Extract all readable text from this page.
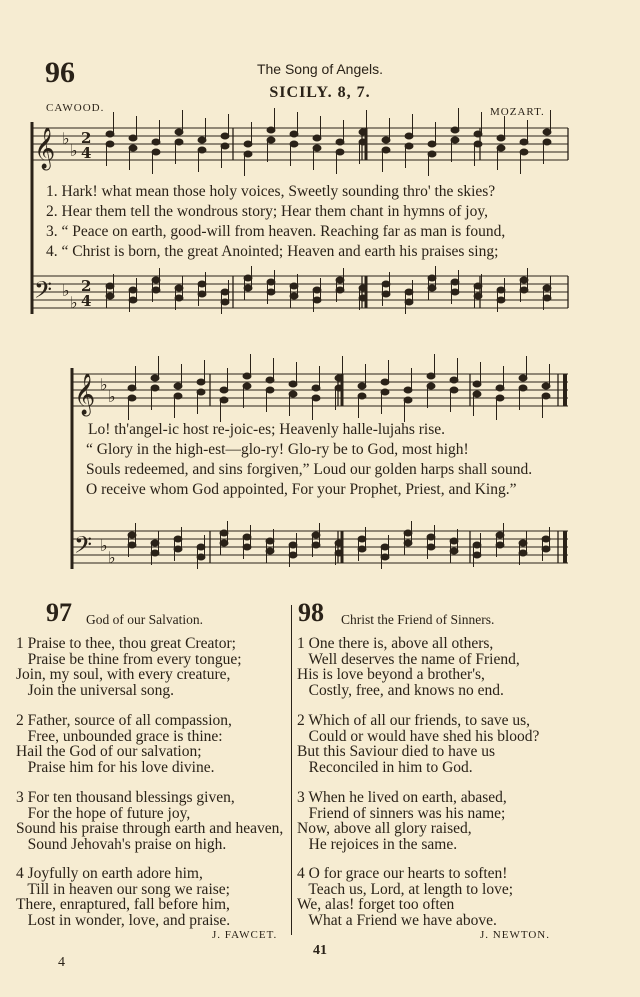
96	The Song of Angels.
SICILY. 8, 7.
CAWOOD.	MOZART.
𝄞
𝄢
𝄞
𝄢
♭
♭
♭
♭
♭
♭
♭
♭
2
4
2
4
1. Hark! what mean those holy voices, Sweetly sounding thro' the skies?
2. Hear them tell the wondrous story; Hear them chant in hymns of joy,
3. “ Peace on earth, good-will from heaven. Reaching far as man is found,
4. “ Christ is born, the great Anointed; Heaven and earth his praises sing;
Lo! th'angel-ic host re-joic-es; Heavenly halle-lujahs rise.
“ Glory in the high-est—glo-ry! Glo-ry be to God, most high!
Souls redeemed, and sins forgiven,” Loud our golden harps shall sound.
O receive whom God appointed, For your Prophet, Priest, and King.”
97 God of our Salvation.
1 Praise to thee, thou great Creator;
Praise be thine from every tongue;
Join, my soul, with every creature,
Join the universal song.
2 Father, source of all compassion,
Free, unbounded grace is thine:
Hail the God of our salvation;
Praise him for his love divine.
3 For ten thousand blessings given,
For the hope of future joy,
Sound his praise through earth and heaven,
Sound Jehovah's praise on high.
4 Joyfully on earth adore him,
Till in heaven our song we raise;
There, enraptured, fall before him,
Lost in wonder, love, and praise.
J. FAWCET.
98 Christ the Friend of Sinners.
1 One there is, above all others,
Well deserves the name of Friend,
His is love beyond a brother's,
Costly, free, and knows no end.
2 Which of all our friends, to save us,
Could or would have shed his blood?
But this Saviour died to have us
Reconciled in him to God.
3 When he lived on earth, abased,
Friend of sinners was his name;
Now, above all glory raised,
He rejoices in the same.
4 O for grace our hearts to soften!
Teach us, Lord, at length to love;
We, alas! forget too often
What a Friend we have above.
J. NEWTON.
41
4
